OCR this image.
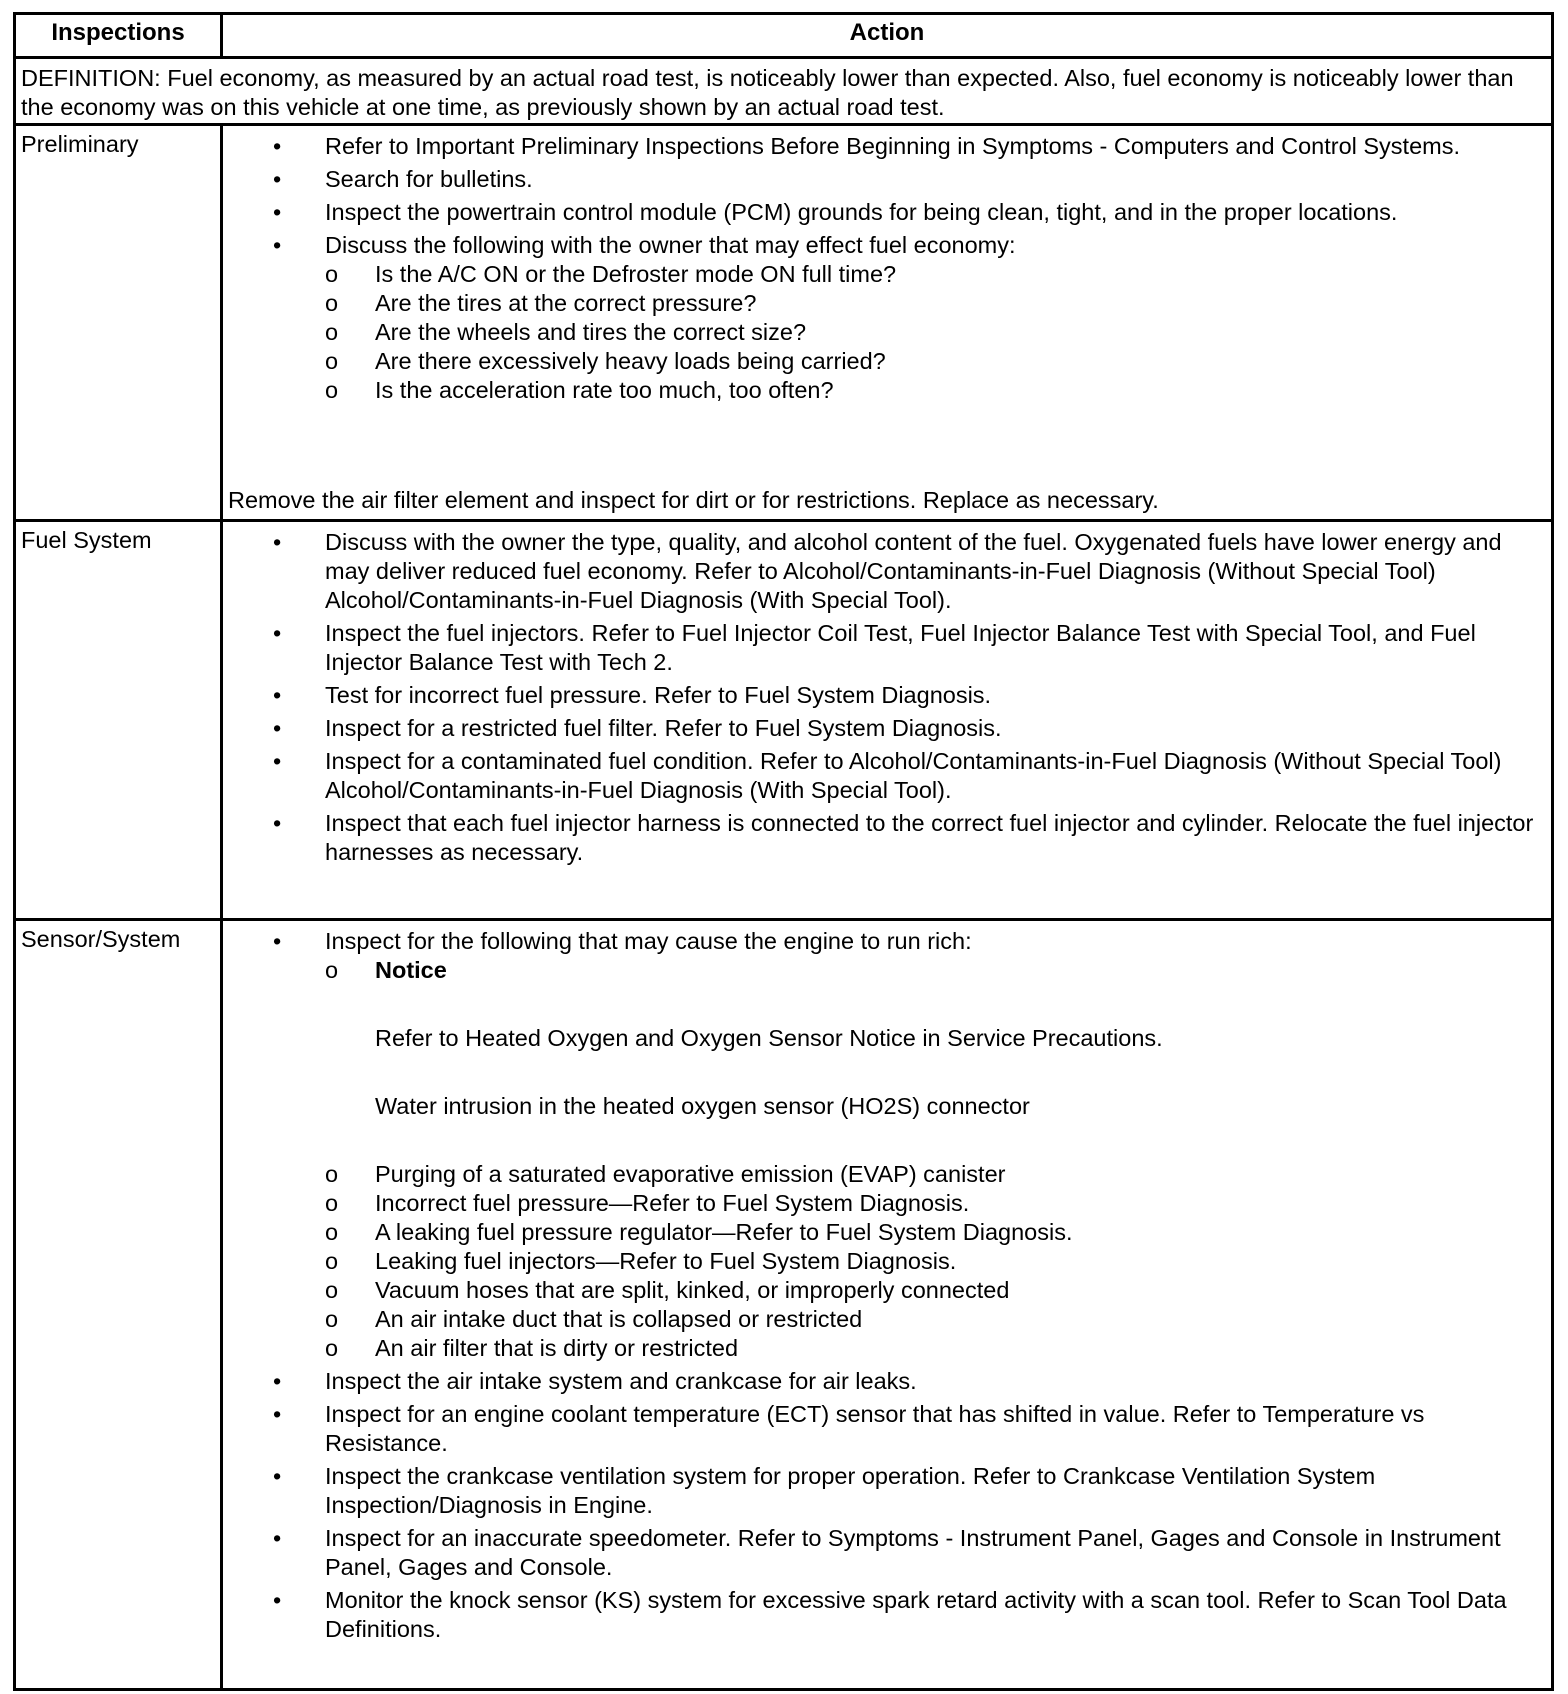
Inspections	Action
DEFINITION: Fuel economy, as measured by an actual road test, is noticeably lower than expected. Also, fuel economy is noticeably lower than the economy was on this vehicle at one time, as previously shown by an actual road test.
Preliminary	• Refer to Important Preliminary Inspections Before Beginning in Symptoms - Computers and Control Systems.
• Search for bulletins.
• Inspect the powertrain control module (PCM) grounds for being clean, tight, and in the proper locations.
• Discuss the following with the owner that may effect fuel economy:
o Is the A/C ON or the Defroster mode ON full time?
o Are the tires at the correct pressure?
o Are the wheels and tires the correct size?
o Are there excessively heavy loads being carried?
o Is the acceleration rate too much, too often?
Remove the air filter element and inspect for dirt or for restrictions. Replace as necessary.
Fuel System	• Discuss with the owner the type, quality, and alcohol content of the fuel. Oxygenated fuels have lower energy and may deliver reduced fuel economy. Refer to Alcohol/Contaminants-in-Fuel Diagnosis (Without Special Tool) Alcohol/Contaminants-in-Fuel Diagnosis (With Special Tool).
• Inspect the fuel injectors. Refer to Fuel Injector Coil Test, Fuel Injector Balance Test with Special Tool, and Fuel Injector Balance Test with Tech 2.
• Test for incorrect fuel pressure. Refer to Fuel System Diagnosis.
• Inspect for a restricted fuel filter. Refer to Fuel System Diagnosis.
• Inspect for a contaminated fuel condition. Refer to Alcohol/Contaminants-in-Fuel Diagnosis (Without Special Tool) Alcohol/Contaminants-in-Fuel Diagnosis (With Special Tool).
• Inspect that each fuel injector harness is connected to the correct fuel injector and cylinder. Relocate the fuel injector harnesses as necessary.
Sensor/System	• Inspect for the following that may cause the engine to run rich:
o Notice
Refer to Heated Oxygen and Oxygen Sensor Notice in Service Precautions.
Water intrusion in the heated oxygen sensor (HO2S) connector
o Purging of a saturated evaporative emission (EVAP) canister
o Incorrect fuel pressure—Refer to Fuel System Diagnosis.
o A leaking fuel pressure regulator—Refer to Fuel System Diagnosis.
o Leaking fuel injectors—Refer to Fuel System Diagnosis.
o Vacuum hoses that are split, kinked, or improperly connected
o An air intake duct that is collapsed or restricted
o An air filter that is dirty or restricted
• Inspect the air intake system and crankcase for air leaks.
• Inspect for an engine coolant temperature (ECT) sensor that has shifted in value. Refer to Temperature vs Resistance.
• Inspect the crankcase ventilation system for proper operation. Refer to Crankcase Ventilation System Inspection/Diagnosis in Engine.
• Inspect for an inaccurate speedometer. Refer to Symptoms - Instrument Panel, Gages and Console in Instrument Panel, Gages and Console.
• Monitor the knock sensor (KS) system for excessive spark retard activity with a scan tool. Refer to Scan Tool Data Definitions.
